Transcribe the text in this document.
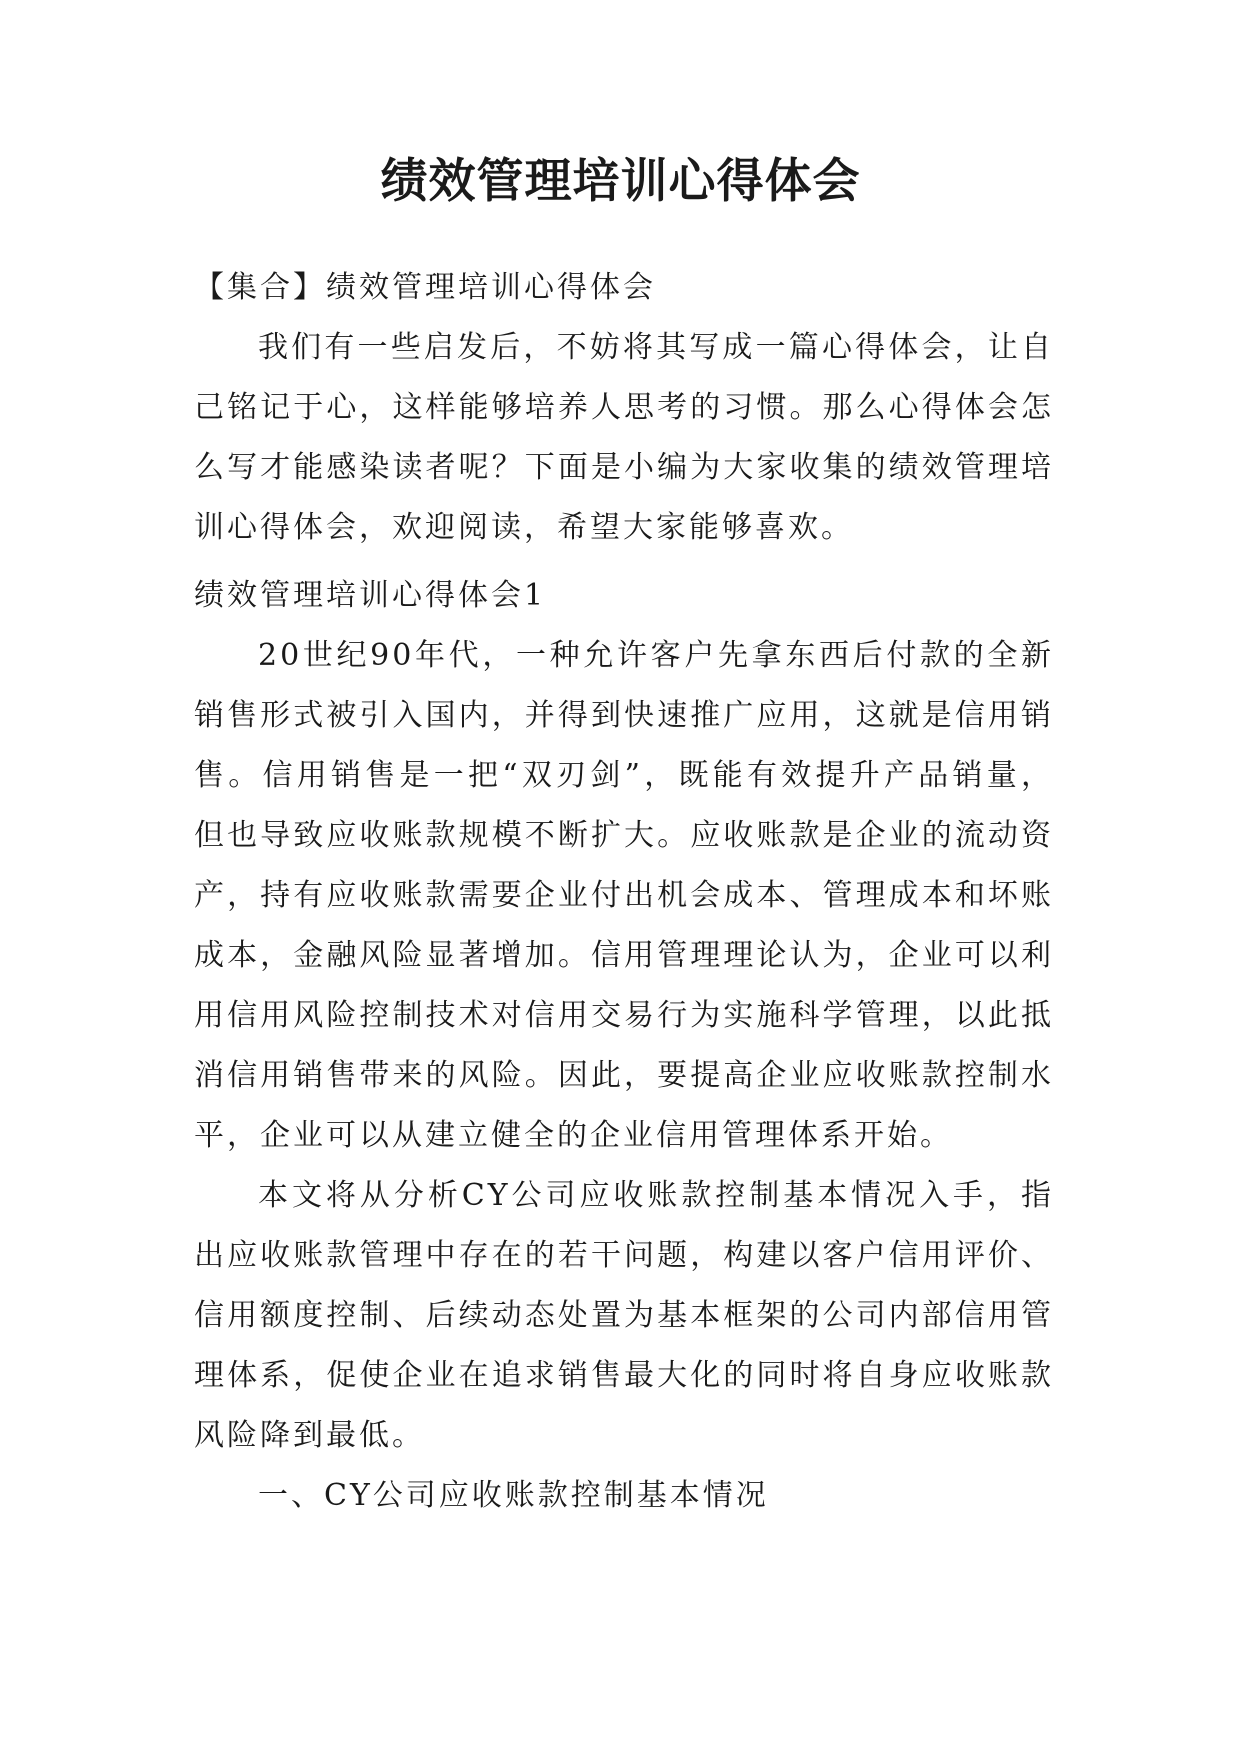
绩效管理培训心得体会

【集合】绩效管理培训心得体会

我们有一些启发后，不妨将其写成一篇心得体会，让自己铭记于心，这样能够培养人思考的习惯。那么心得体会怎么写才能感染读者呢？下面是小编为大家收集的绩效管理培训心得体会，欢迎阅读，希望大家能够喜欢。

绩效管理培训心得体会1

20世纪90年代，一种允许客户先拿东西后付款的全新销售形式被引入国内，并得到快速推广应用，这就是信用销售。信用销售是一把“双刃剑”，既能有效提升产品销量，但也导致应收账款规模不断扩大。应收账款是企业的流动资产，持有应收账款需要企业付出机会成本、管理成本和坏账成本，金融风险显著增加。信用管理理论认为，企业可以利用信用风险控制技术对信用交易行为实施科学管理，以此抵消信用销售带来的风险。因此，要提高企业应收账款控制水平，企业可以从建立健全的企业信用管理体系开始。

本文将从分析CY公司应收账款控制基本情况入手，指出应收账款管理中存在的若干问题，构建以客户信用评价、信用额度控制、后续动态处置为基本框架的公司内部信用管理体系，促使企业在追求销售最大化的同时将自身应收账款风险降到最低。

一、CY公司应收账款控制基本情况
